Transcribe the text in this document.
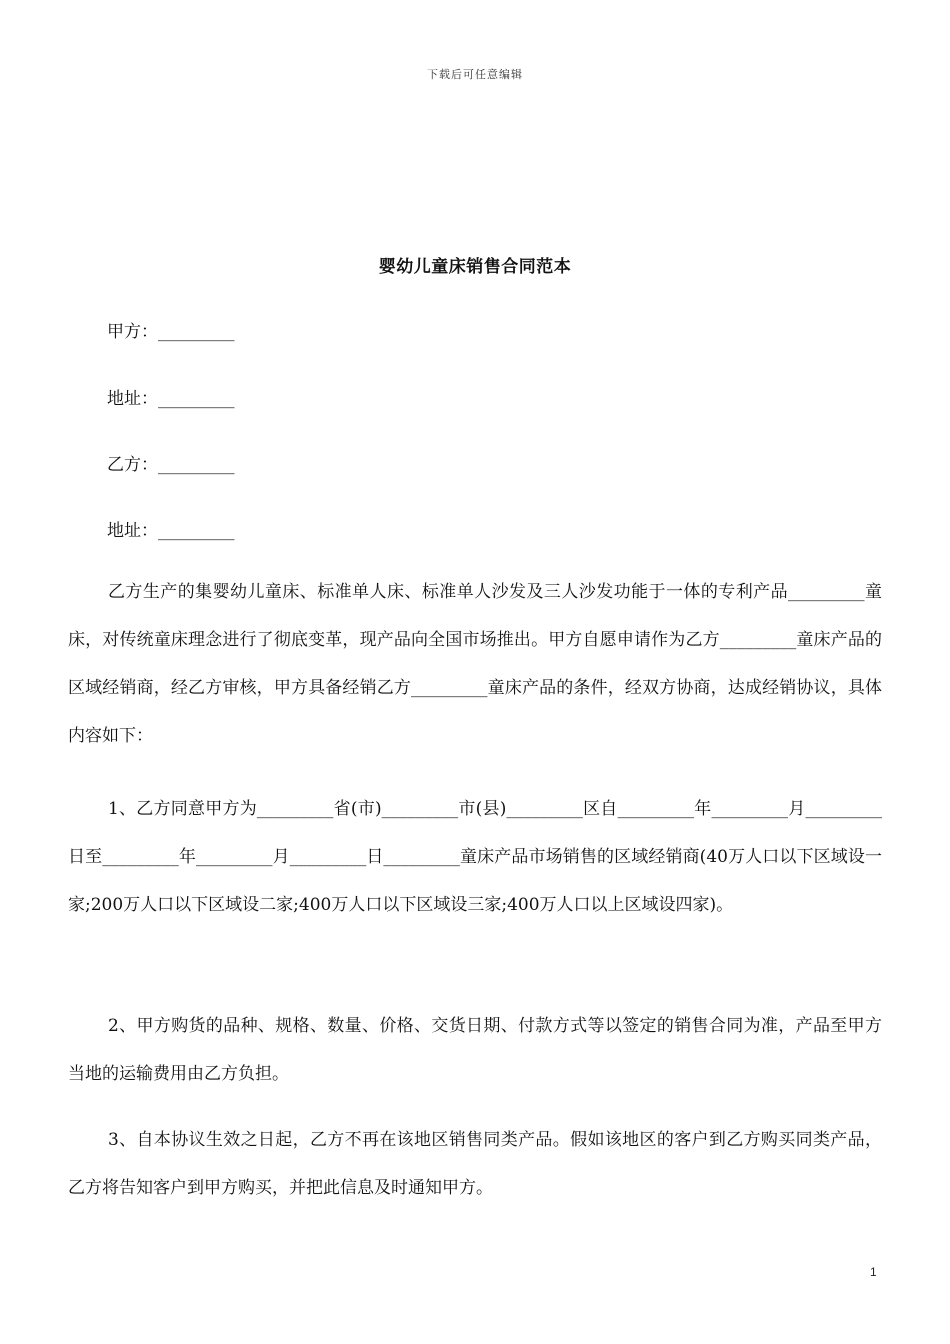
下载后可任意编辑
婴幼儿童床销售合同范本
甲方：_________
地址：_________
乙方：_________
地址：_________

乙方生产的集婴幼儿童床、标准单人床、标准单人沙发及三人沙发功能于一体的专利产品_________童床，对传统童床理念进行了彻底变革，现产品向全国市场推出。甲方自愿申请作为乙方_________童床产品的区域经销商，经乙方审核，甲方具备经销乙方_________童床产品的条件，经双方协商，达成经销协议，具体内容如下：

1、乙方同意甲方为_________省(市)_________市(县)_________区自_________年_________月_________日至_________年_________月_________日_________童床产品市场销售的区域经销商(40万人口以下区域设一家;200万人口以下区域设二家;400万人口以下区域设三家;400万人口以上区域设四家)。

2、甲方购货的品种、规格、数量、价格、交货日期、付款方式等以签定的销售合同为准，产品至甲方当地的运输费用由乙方负担。

3、自本协议生效之日起，乙方不再在该地区销售同类产品。假如该地区的客户到乙方购买同类产品，乙方将告知客户到甲方购买，并把此信息及时通知甲方。

1
